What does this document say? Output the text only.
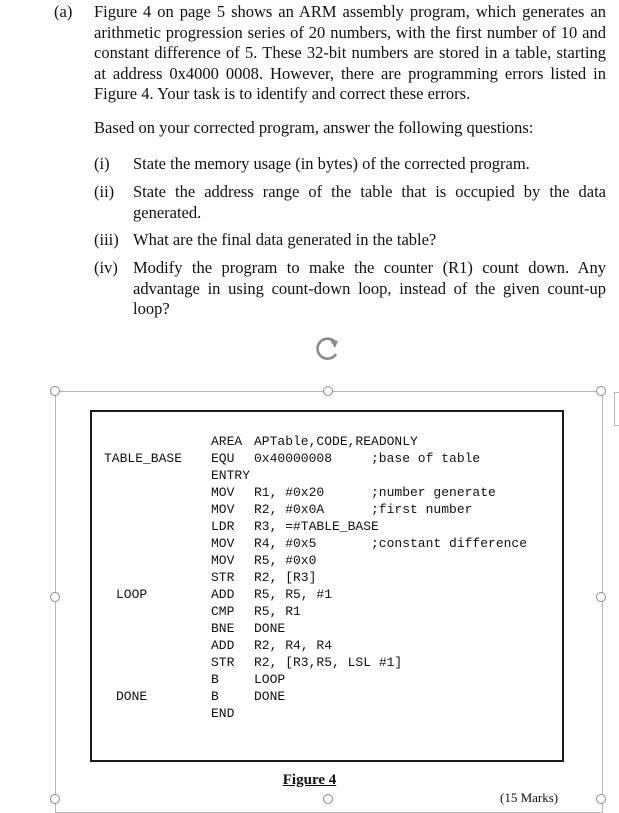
(a) Figure 4 on page 5 shows an ARM assembly program, which generates an arithmetic progression series of 20 numbers, with the first number of 10 and constant difference of 5. These 32-bit numbers are stored in a table, starting at address 0x4000 0008. However, there are programming errors listed in Figure 4. Your task is to identify and correct these errors.
Based on your corrected program, answer the following questions:
(i) State the memory usage (in bytes) of the corrected program.
(ii) State the address range of the table that is occupied by the data generated.
(iii) What are the final data generated in the table?
(iv) Modify the program to make the counter (R1) count down. Any advantage in using count-down loop, instead of the given count-up loop?
AREA APTable,CODE,READONLY
TABLE_BASE EQU 0x40000008	;base of table
ENTRY
MOV R1, #0x20	;number generate
MOV R2, #0x0A	;first number
LDR R3, =#TABLE_BASE
MOV R4, #0x5	;constant difference
MOV R5, #0x0
STR R2, [R3]
LOOP	ADD R5, R5, #1
CMP R5, R1
BNE DONE
ADD R2, R4, R4
STR R2, [R3,R5, LSL #1]
B	LOOP
DONE	B	DONE
END
Figure 4
(15 Marks)
